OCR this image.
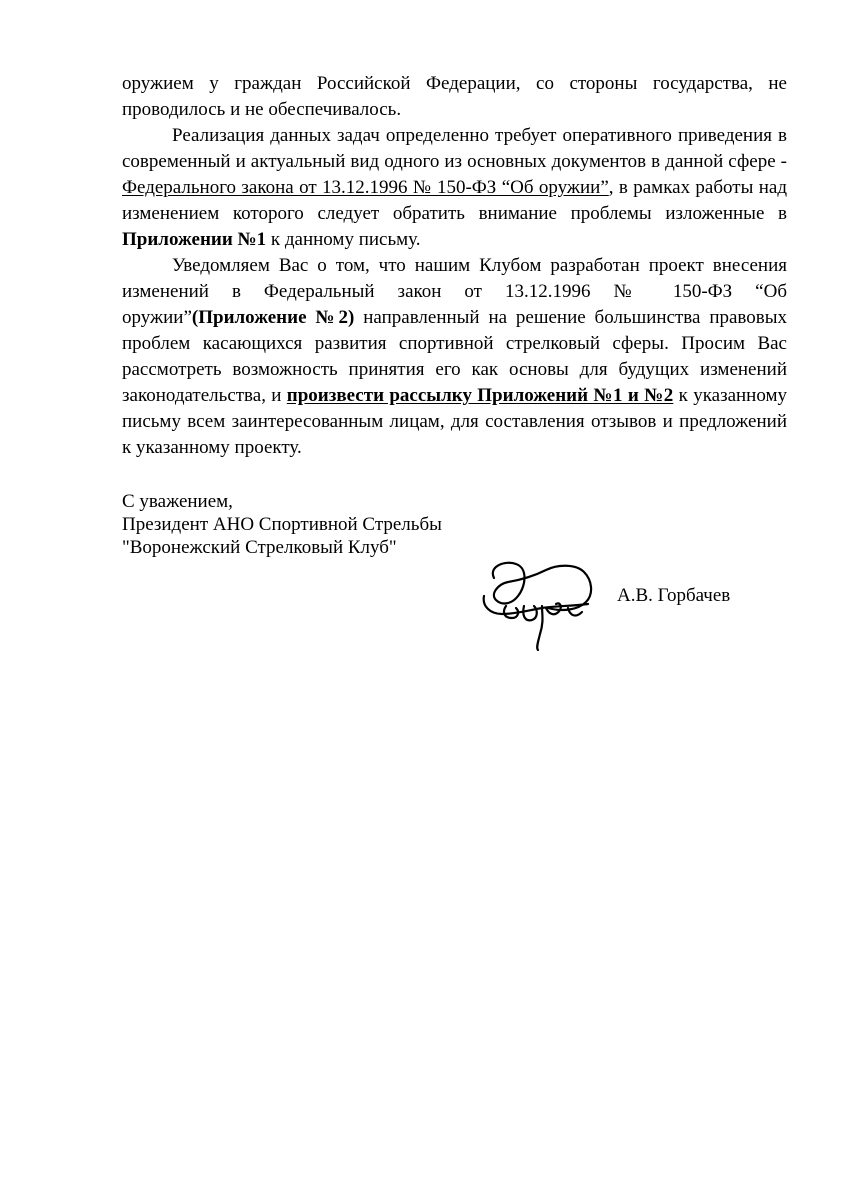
оружием у граждан Российской Федерации, со стороны государства, не проводилось и не обеспечивалось.

Реализация данных задач определенно требует оперативного приведения в современный и актуальный вид одного из основных документов в данной сфере - Федерального закона от 13.12.1996 № 150-ФЗ “Об оружии”, в рамках работы над изменением которого следует обратить внимание проблемы изложенные в Приложении №1 к данному письму.

Уведомляем Вас о том, что нашим Клубом разработан проект внесения изменений в Федеральный закон от 13.12.1996 № 150-ФЗ “Об оружии”(Приложение №2) направленный на решение большинства правовых проблем касающихся развития спортивной стрелковый сферы. Просим Вас рассмотреть возможность принятия его как основы для будущих изменений законодательства, и произвести рассылку Приложений №1 и №2 к указанному письму всем заинтересованным лицам, для составления отзывов и предложений к указанному проекту.

С уважением,
Президент АНО Спортивной Стрельбы
"Воронежский Стрелковый Клуб"
А.В. Горбачев
